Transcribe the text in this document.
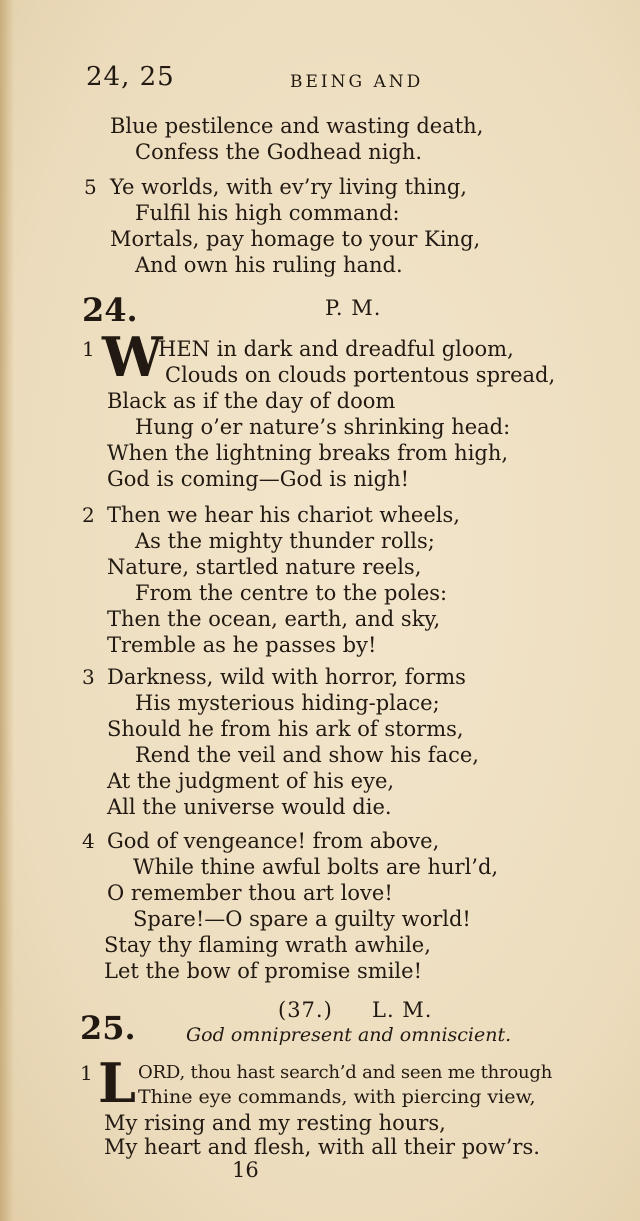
24, 25	BEING AND
Blue pestilence and wasting death,
Confess the Godhead nigh.
5 Ye worlds, with ev’ry living thing,
Fulfil his high command:
Mortals, pay homage to your King,
And own his ruling hand.
24.	P. M.
1 W
HEN in dark and dreadful gloom,
Clouds on clouds portentous spread,
Black as if the day of doom
Hung o’er nature’s shrinking head:
When the lightning breaks from high,
God is coming—God is nigh!
2 Then we hear his chariot wheels,
As the mighty thunder rolls;
Nature, startled nature reels,
From the centre to the poles:
Then the ocean, earth, and sky,
Tremble as he passes by!
3 Darkness, wild with horror, forms
His mysterious hiding-place;
Should he from his ark of storms,
Rend the veil and show his face,
At the judgment of his eye,
All the universe would die.
4 God of vengeance! from above,
While thine awful bolts are hurl’d,
O remember thou art love!
Spare!—O spare a guilty world!
Stay thy flaming wrath awhile,
Let the bow of promise smile!
25.	(37.) L. M.
God omnipresent and omniscient.
1 L ORD, thou hast search’d and seen me through
Thine eye commands, with piercing view,
My rising and my resting hours,
My heart and flesh, with all their pow’rs.
16
